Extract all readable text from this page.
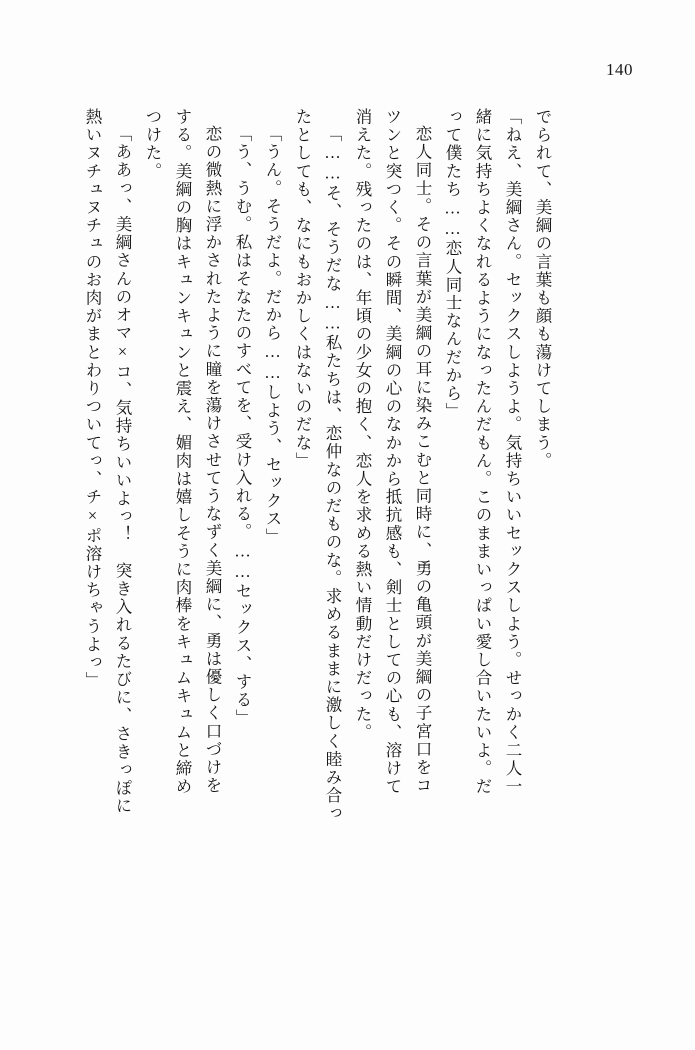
140
熱いヌチュヌチュのお肉がまとわりついてっ、チ×ポ溶けちゃうよっ」 「ああっ、美綱さんのオマ×コ、気持ちいいよっ！　突き入れるたびに、さきっぽに つけた。 する。美綱の胸はキュンキュンと震え、媚肉は嬉しそうに肉棒をキュムキュムと締め 恋の微熱に浮かされたように瞳を蕩けさせてうなずく美綱に、勇は優しく口づけを 「う、うむ。私はそなたのすべてを、受け入れる。……セックス、する」 「うん。そうだよ。だから……しよう、セックス」 たとしても、なにもおかしくはないのだな」 「……そ、そうだな……私たちは、恋仲なのだものな。求めるままに激しく睦み合っ 消えた。残ったのは、年頃の少女の抱く、恋人を求める熱い情動だけだった。 ツンと突つく。その瞬間、美綱の心のなかから抵抗感も、剣士としての心も、溶けて 恋人同士。その言葉が美綱の耳に染みこむと同時に、勇の亀頭が美綱の子宮口をコ って僕たち……恋人同士なんだから」 緒に気持ちよくなれるようになったんだもん。このままいっぱい愛し合いたいよ。だ 「ねえ、美綱さん。セックスしようよ。気持ちいいセックスしよう。せっかく二人一 でられて、美綱の言葉も顔も蕩けてしまう。
